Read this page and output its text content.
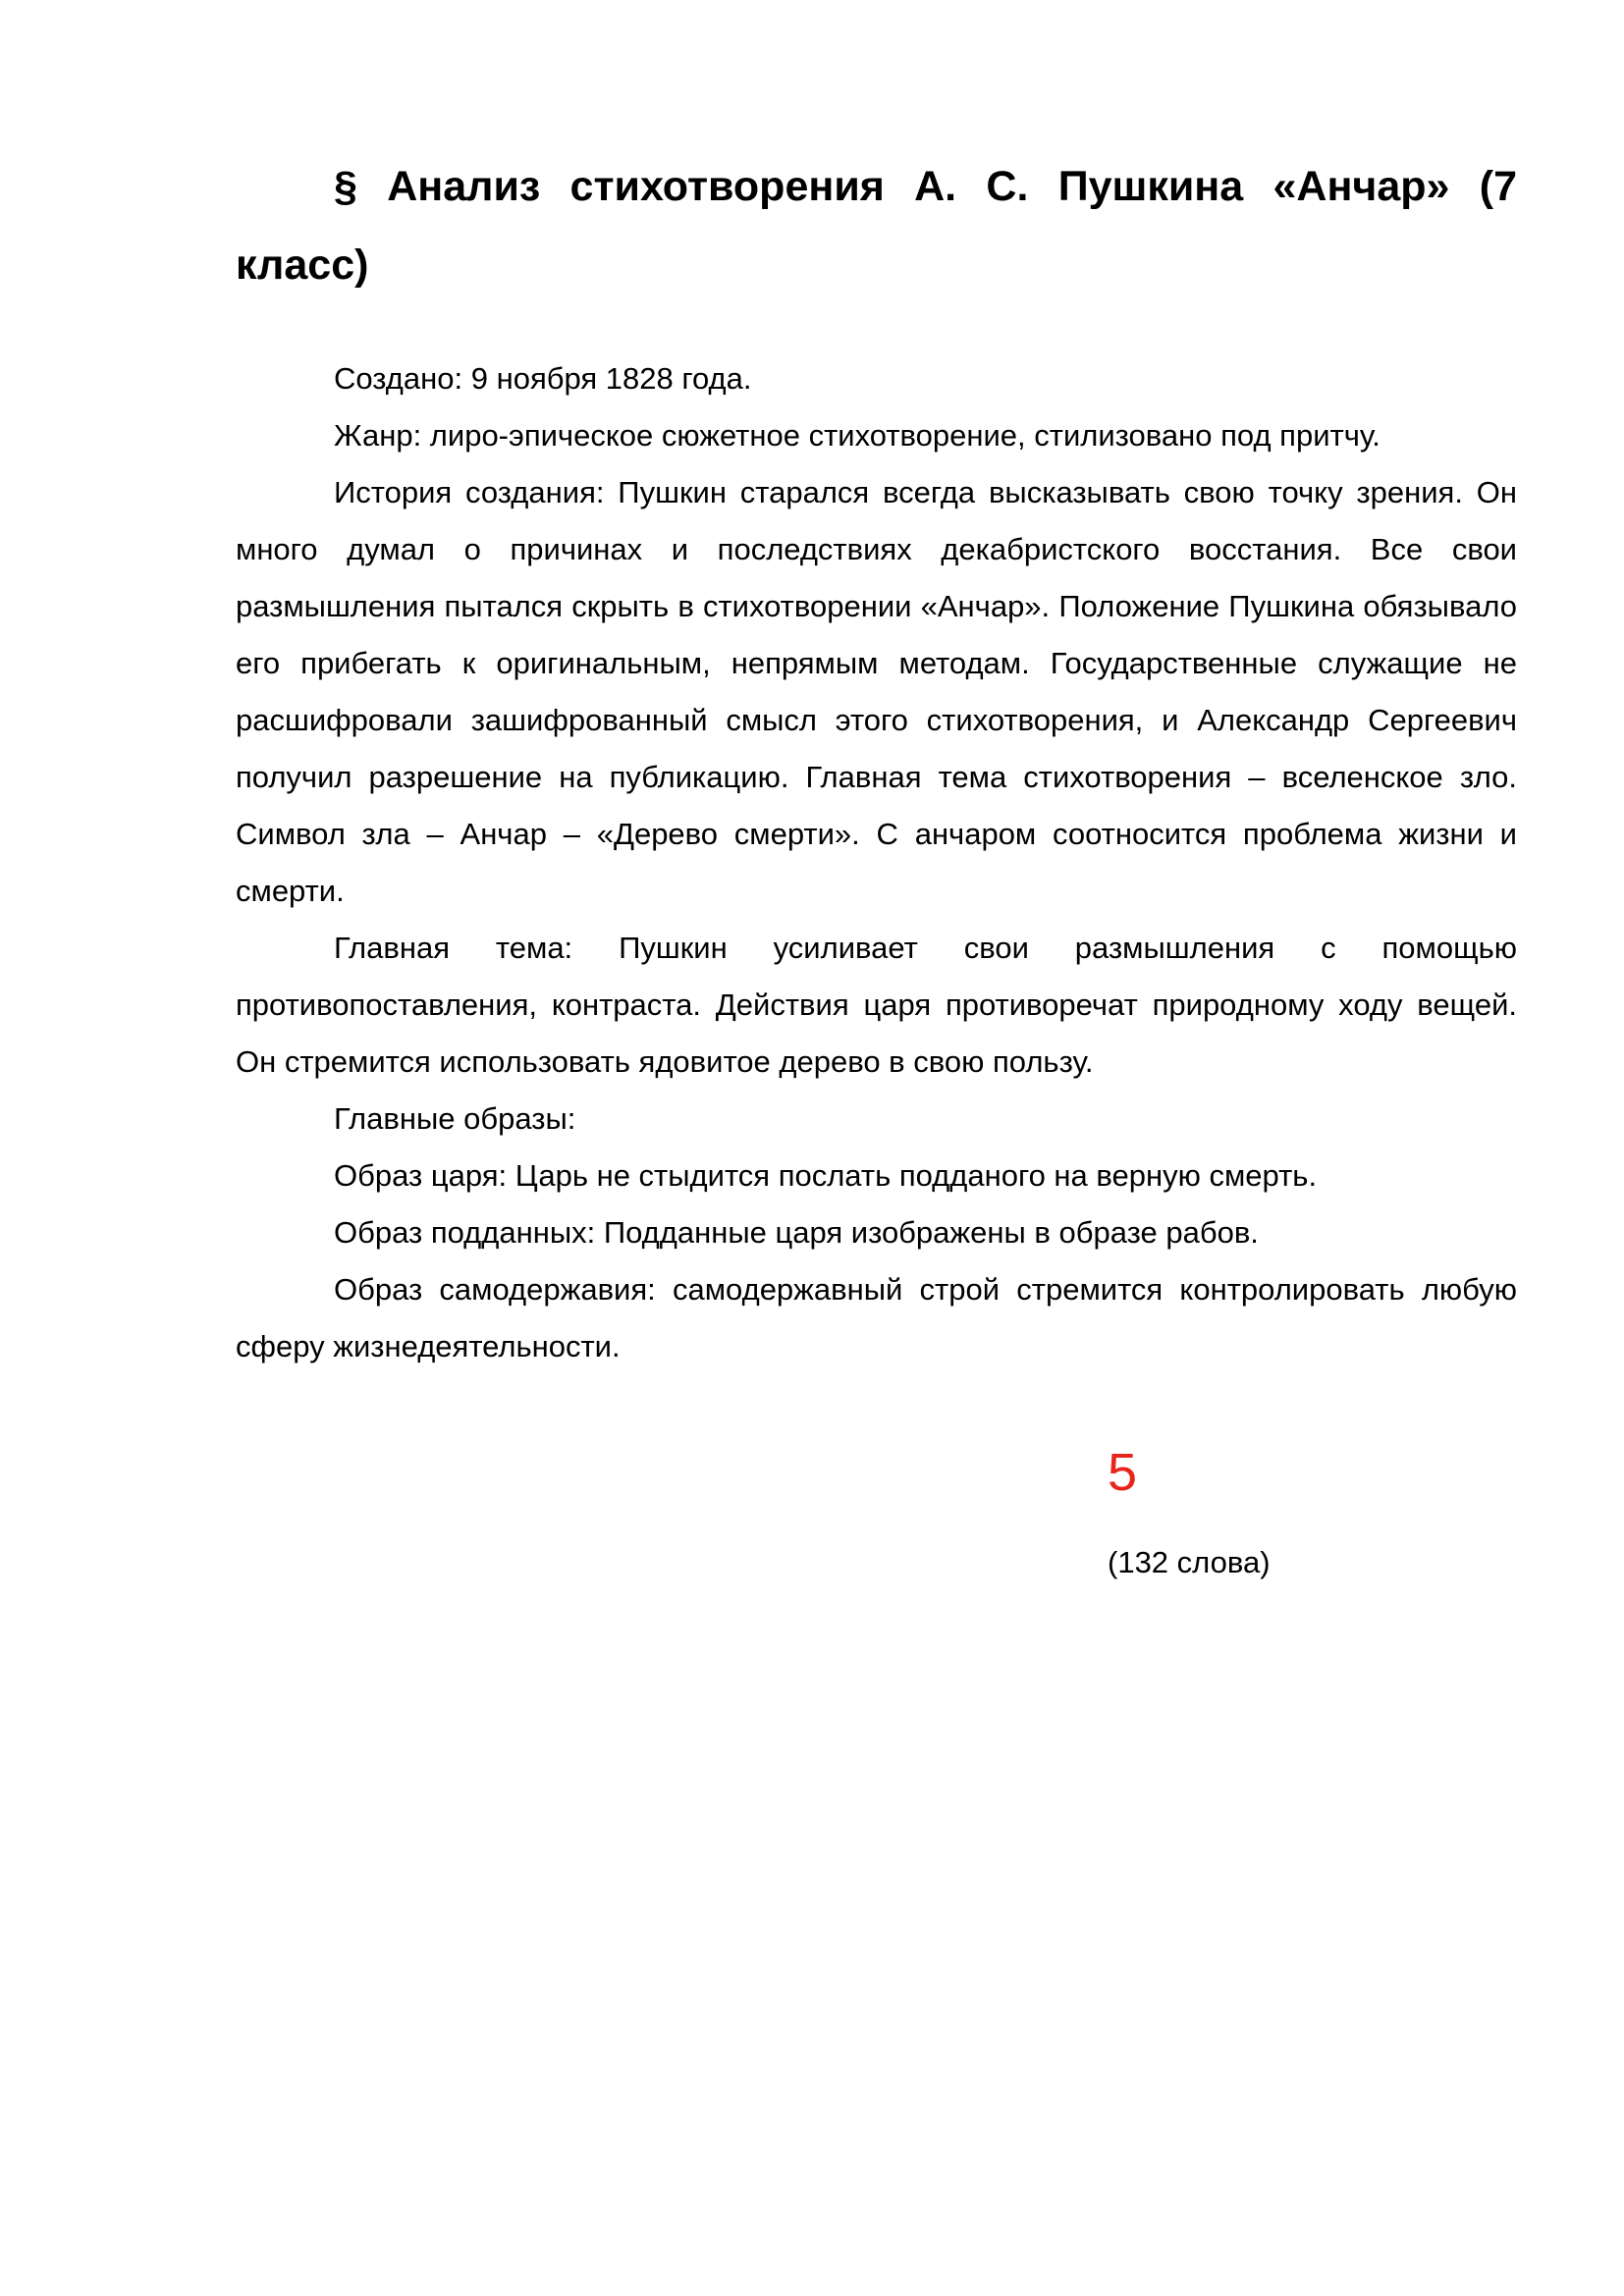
§ Анализ стихотворения А. С. Пушкина «Анчар» (7 класс)

Создано: 9 ноября 1828 года.

Жанр: лиро-эпическое сюжетное стихотворение, стилизовано под притчу.

История создания: Пушкин старался всегда высказывать свою точку зрения. Он много думал о причинах и последствиях декабристского восстания. Все свои размышления пытался скрыть в стихотворении «Анчар». Положение Пушкина обязывало его прибегать к оригинальным, непрямым методам. Государственные служащие не расшифровали зашифрованный смысл этого стихотворения, и Александр Сергеевич получил разрешение на публикацию. Главная тема стихотворения – вселенское зло. Символ зла – Анчар – «Дерево смерти». С анчаром соотносится проблема жизни и смерти.

Главная тема: Пушкин усиливает свои размышления с помощью противопоставления, контраста. Действия царя противоречат природному ходу вещей. Он стремится использовать ядовитое дерево в свою пользу.

Главные образы:

Образ царя: Царь не стыдится послать подданого на верную смерть.

Образ подданных: Подданные царя изображены в образе рабов.

Образ самодержавия: самодержавный строй стремится контролировать любую сферу жизнедеятельности.

5
(132 слова)
